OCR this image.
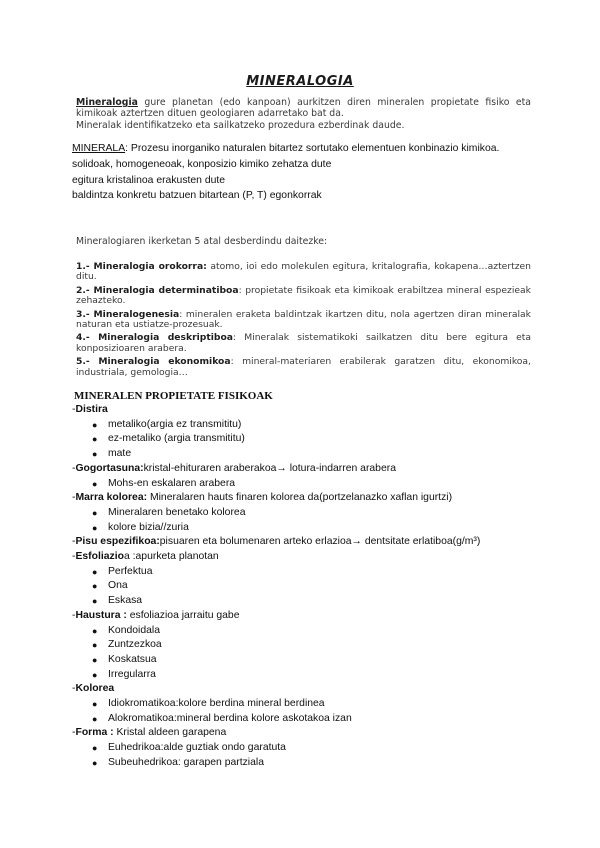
MINERALOGIA

Mineralogia gure planetan (edo kanpoan) aurkitzen diren mineralen propietate fisiko eta kimikoak aztertzen dituen geologiaren adarretako bat da.

Mineralak identifikatzeko eta sailkatzeko prozedura ezberdinak daude.

MINERALA: Prozesu inorganiko naturalen bitartez sortutako elementuen konbinazio kimikoa.

solidoak, homogeneoak, konposizio kimiko zehatza dute

egitura kristalinoa erakusten dute

baldintza konkretu batzuen bitartean (P, T) egonkorrak

Mineralogiaren ikerketan 5 atal desberdindu daitezke:

1.- Mineralogia orokorra: atomo, ioi edo molekulen egitura, kritalografia, kokapena…aztertzen ditu.

2.- Mineralogia determinatiboa: propietate fisikoak eta kimikoak erabiltzea mineral espezieak zehazteko.

3.- Mineralogenesia: mineralen eraketa baldintzak ikartzen ditu, nola agertzen diran mineralak naturan eta ustiatze-prozesuak.

4.- Mineralogia deskriptiboa: Mineralak sistematikoki sailkatzen ditu bere egitura eta konposizioaren arabera.

5.- Mineralogia ekonomikoa: mineral-materiaren erabilerak garatzen ditu, ekonomikoa, industriala, gemologia…

MINERALEN PROPIETATE FISIKOAK

-Distira

● metaliko(argia ez transmititu)
● ez-metaliko (argia transmititu)
● mate

-Gogortasuna:kristal-ehituraren araberakoa→ lotura-indarren arabera

● Mohs-en eskalaren arabera

-Marra kolorea: Mineralaren hauts finaren kolorea da(portzelanazko xaflan igurtzi)

● Mineralaren benetako kolorea
● kolore bizia//zuria

-Pisu espezifikoa:pisuaren eta bolumenaren arteko erlazioa→ dentsitate erlatiboa(g/m³)

-Esfoliazioa :apurketa planotan

● Perfektua
● Ona
● Eskasa

-Haustura : esfoliazioa jarraitu gabe

● Kondoidala
● Zuntzezkoa
● Koskatsua
● Irregularra

-Kolorea

● Idiokromatikoa:kolore berdina mineral berdinea
● Alokromatikoa:mineral berdina kolore askotakoa izan

-Forma : Kristal aldeen garapena

● Euhedrikoa:alde guztiak ondo garatuta
● Subeuhedrikoa: garapen partziala
